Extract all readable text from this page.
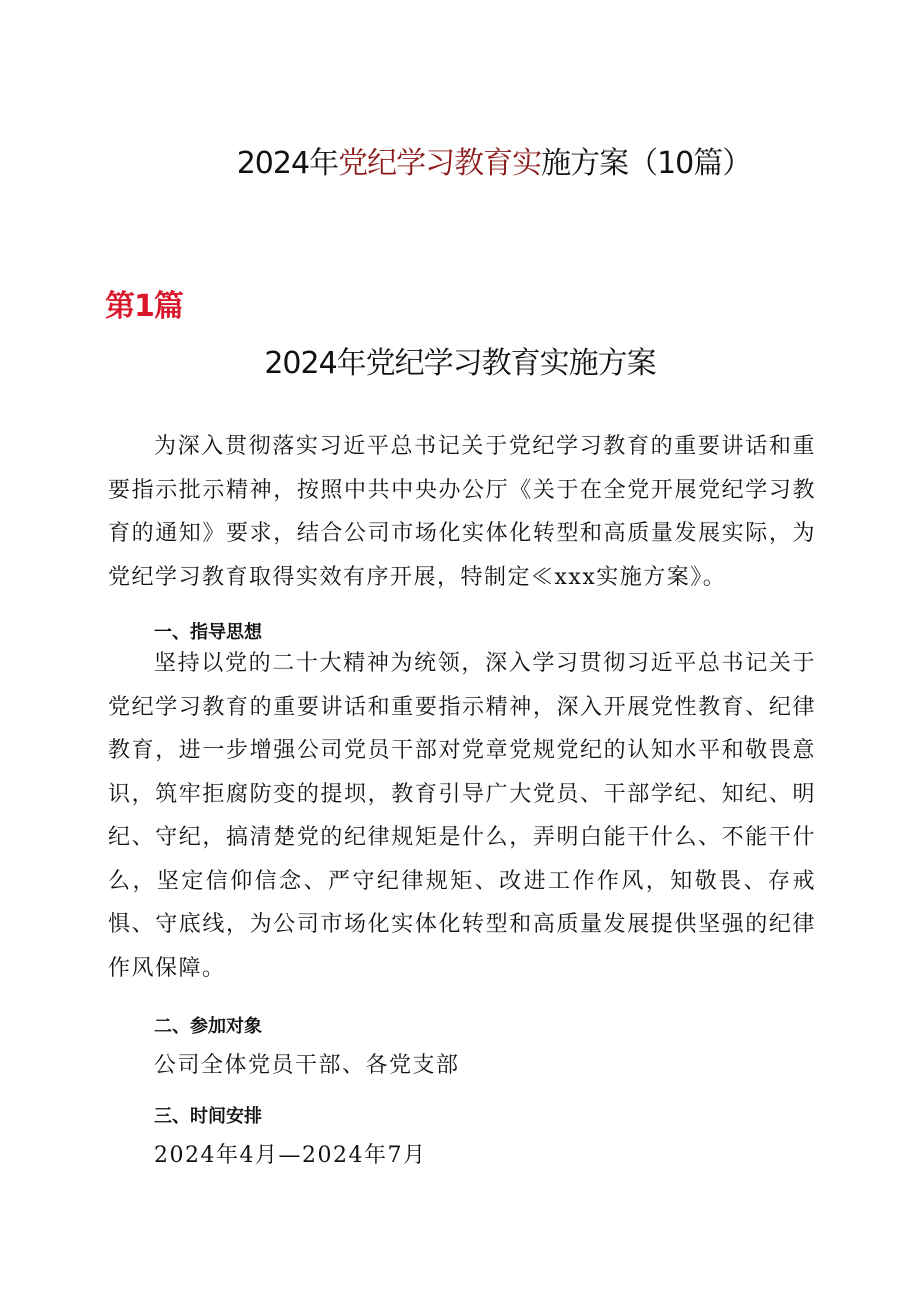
2024年党纪学习教育实施方案（10篇）
第1篇
2024年党纪学习教育实施方案

为深入贯彻落实习近平总书记关于党纪学习教育的重要讲话和重要指示批示精神，按照中共中央办公厅《关于在全党开展党纪学习教育的通知》要求，结合公司市场化实体化转型和高质量发展实际，为党纪学习教育取得实效有序开展，特制定≪xxx实施方案》。

一、指导思想

坚持以党的二十大精神为统领，深入学习贯彻习近平总书记关于党纪学习教育的重要讲话和重要指示精神，深入开展党性教育、纪律教育，进一步增强公司党员干部对党章党规党纪的认知水平和敬畏意识，筑牢拒腐防变的提坝，教育引导广大党员、干部学纪、知纪、明纪、守纪，搞清楚党的纪律规矩是什么，弄明白能干什么、不能干什么，坚定信仰信念、严守纪律规矩、改进工作作风，知敬畏、存戒惧、守底线，为公司市场化实体化转型和高质量发展提供坚强的纪律作风保障。

二、参加对象

公司全体党员干部、各党支部

三、时间安排

2024年4月—2024年7月
